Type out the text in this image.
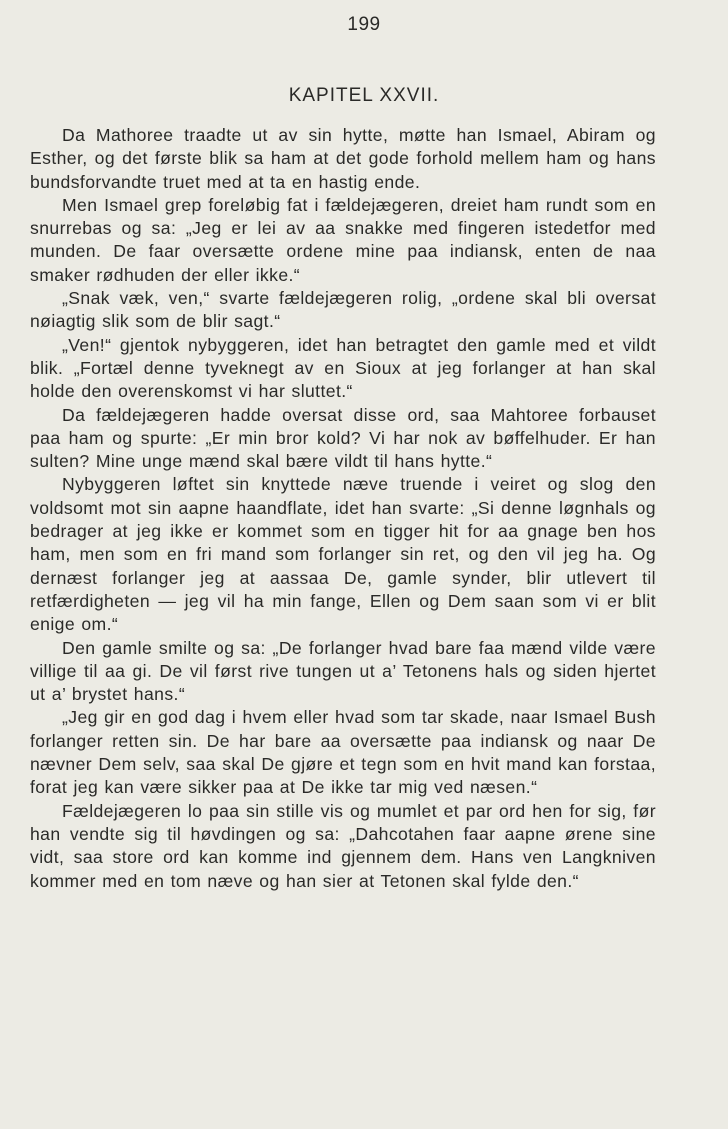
199
KAPITEL XXVII.

Da Mathoree traadte ut av sin hytte, møtte han Ismael, Abiram og Esther, og det første blik sa ham at det gode forhold mellem ham og hans bundsforvandte truet med at ta en hastig ende.

Men Ismael grep foreløbig fat i fældejægeren, dreiet ham rundt som en snurrebas og sa: „Jeg er lei av aa snakke med fingeren istedetfor med munden. De faar oversætte ordene mine paa indiansk, enten de naa smaker rødhuden der eller ikke.“

„Snak væk, ven,“ svarte fældejægeren rolig, „ordene skal bli oversat nøiagtig slik som de blir sagt.“

„Ven!“ gjentok nybyggeren, idet han betragtet den gamle med et vildt blik. „Fortæl denne tyveknegt av en Sioux at jeg forlanger at han skal holde den overenskomst vi har sluttet.“

Da fældejægeren hadde oversat disse ord, saa Mahtoree forbauset paa ham og spurte: „Er min bror kold? Vi har nok av bøffelhuder. Er han sulten? Mine unge mænd skal bære vildt til hans hytte.“

Nybyggeren løftet sin knyttede næve truende i veiret og slog den voldsomt mot sin aapne haandflate, idet han svarte: „Si denne løgnhals og bedrager at jeg ikke er kommet som en tigger hit for aa gnage ben hos ham, men som en fri mand som forlanger sin ret, og den vil jeg ha. Og dernæst forlanger jeg at aassaa De, gamle synder, blir utlevert til retfærdigheten — jeg vil ha min fange, Ellen og Dem saan som vi er blit enige om.“

Den gamle smilte og sa: „De forlanger hvad bare faa mænd vilde være villige til aa gi. De vil først rive tungen ut a’ Tetonens hals og siden hjertet ut a’ brystet hans.“

„Jeg gir en god dag i hvem eller hvad som tar skade, naar Ismael Bush forlanger retten sin. De har bare aa oversætte paa indiansk og naar De nævner Dem selv, saa skal De gjøre et tegn som en hvit mand kan forstaa, forat jeg kan være sikker paa at De ikke tar mig ved næsen.“

Fældejægeren lo paa sin stille vis og mumlet et par ord hen for sig, før han vendte sig til høvdingen og sa: „Dahcotahen faar aapne ørene sine vidt, saa store ord kan komme ind gjennem dem. Hans ven Langkniven kommer med en tom næve og han sier at Tetonen skal fylde den.“
